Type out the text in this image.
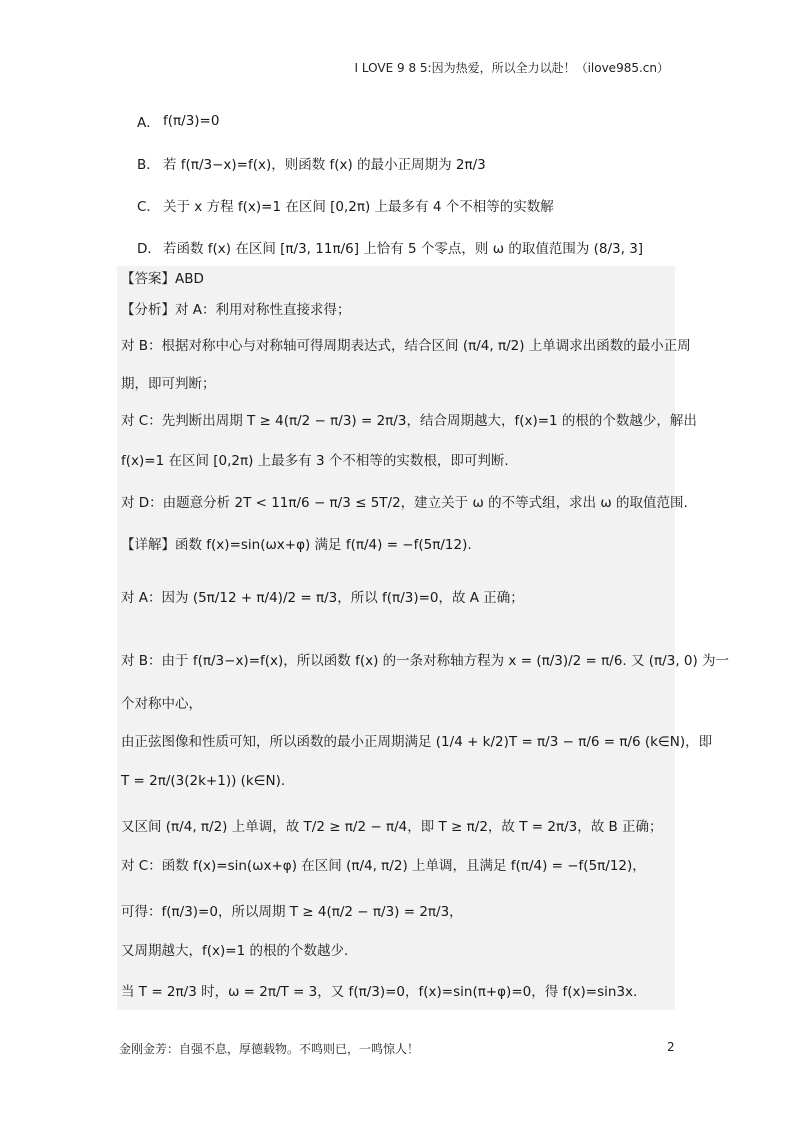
I LOVE 9 8 5:因为热爱，所以全力以赴！（ilove985.cn）
A． f(π/3)=0
B． 若 f(π/3−x)=f(x)，则函数 f(x) 的最小正周期为 2π/3
C． 关于 x 方程 f(x)=1 在区间 [0,2π) 上最多有 4 个不相等的实数解
D． 若函数 f(x) 在区间 [π/3, 11π/6] 上恰有 5 个零点，则 ω 的取值范围为 (8/3, 3]
【答案】ABD
【分析】对 A：利用对称性直接求得；
对 B：根据对称中心与对称轴可得周期表达式，结合区间 (π/4, π/2) 上单调求出函数的最小正周
期，即可判断；
对 C：先判断出周期 T ≥ 4(π/2 − π/3) = 2π/3，结合周期越大，f(x)=1 的根的个数越少，解出
f(x)=1 在区间 [0,2π) 上最多有 3 个不相等的实数根，即可判断.
对 D：由题意分析 2T < 11π/6 − π/3 ≤ 5T/2，建立关于 ω 的不等式组，求出 ω 的取值范围.
【详解】函数 f(x)=sin(ωx+φ) 满足 f(π/4) = −f(5π/12).
对 A：因为 (5π/12 + π/4)/2 = π/3，所以 f(π/3)=0，故 A 正确；
对 B：由于 f(π/3−x)=f(x)，所以函数 f(x) 的一条对称轴方程为 x = (π/3)/2 = π/6. 又 (π/3, 0) 为一
个对称中心，
由正弦图像和性质可知，所以函数的最小正周期满足 (1/4 + k/2)T = π/3 − π/6 = π/6 (k∈N)，即
T = 2π/(3(2k+1)) (k∈N).
又区间 (π/4, π/2) 上单调，故 T/2 ≥ π/2 − π/4，即 T ≥ π/2，故 T = 2π/3，故 B 正确；
对 C：函数 f(x)=sin(ωx+φ) 在区间 (π/4, π/2) 上单调，且满足 f(π/4) = −f(5π/12)，
可得：f(π/3)=0，所以周期 T ≥ 4(π/2 − π/3) = 2π/3，
又周期越大，f(x)=1 的根的个数越少.
当 T = 2π/3 时，ω = 2π/T = 3，又 f(π/3)=0，f(x)=sin(π+φ)=0，得 f(x)=sin3x.
金刚金芳：自强不息，厚德载物。不鸣则已，一鸣惊人！	2
